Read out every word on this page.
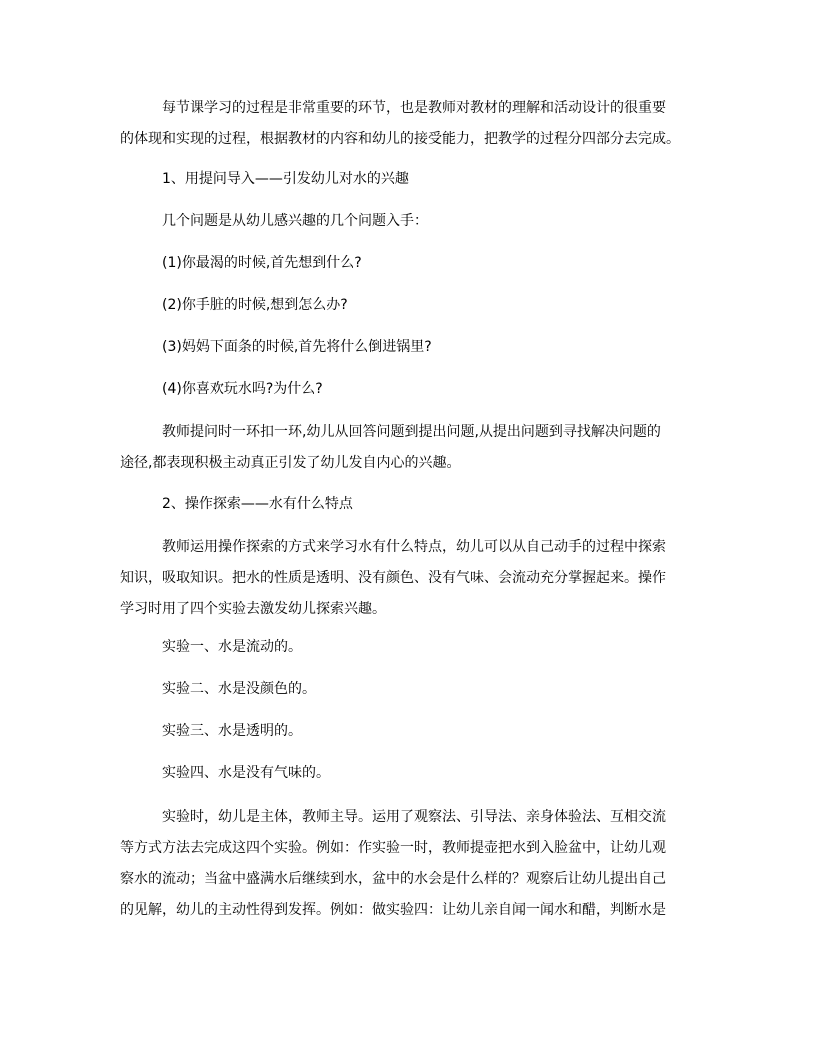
每节课学习的过程是非常重要的环节，也是教师对教材的理解和活动设计的很重要
的体现和实现的过程，根据教材的内容和幼儿的接受能力，把教学的过程分四部分去完成。
1、用提问导入——引发幼儿对水的兴趣
几个问题是从幼儿感兴趣的几个问题入手：
(1)你最渴的时候,首先想到什么?
(2)你手脏的时候,想到怎么办?
(3)妈妈下面条的时候,首先将什么倒进锅里?
(4)你喜欢玩水吗?为什么?
教师提问时一环扣一环,幼儿从回答问题到提出问题,从提出问题到寻找解决问题的
途径,都表现积极主动真正引发了幼儿发自内心的兴趣。
2、操作探索——水有什么特点
教师运用操作探索的方式来学习水有什么特点，幼儿可以从自己动手的过程中探索
知识，吸取知识。把水的性质是透明、没有颜色、没有气味、会流动充分掌握起来。操作
学习时用了四个实验去激发幼儿探索兴趣。
实验一、水是流动的。
实验二、水是没颜色的。
实验三、水是透明的。
实验四、水是没有气味的。
实验时，幼儿是主体，教师主导。运用了观察法、引导法、亲身体验法、互相交流
等方式方法去完成这四个实验。例如：作实验一时，教师提壶把水到入脸盆中，让幼儿观
察水的流动；当盆中盛满水后继续到水，盆中的水会是什么样的？观察后让幼儿提出自己
的见解，幼儿的主动性得到发挥。例如：做实验四：让幼儿亲自闻一闻水和醋，判断水是
